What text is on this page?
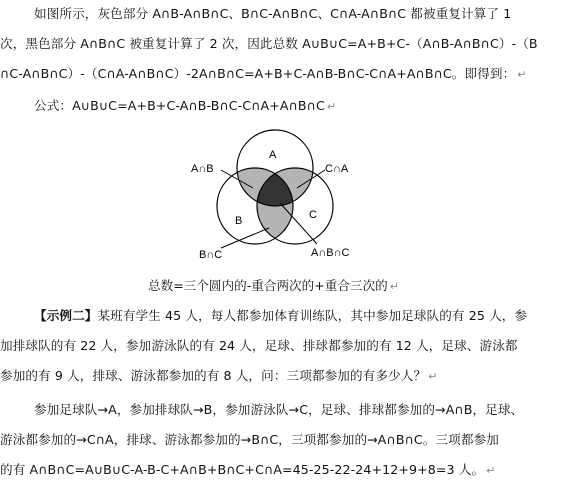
如图所示，灰色部分 A∩B-A∩B∩C、B∩C-A∩B∩C、C∩A-A∩B∩C 都被重复计算了 1
次，黑色部分 A∩B∩C 被重复计算了 2 次，因此总数 A∪B∪C=A+B+C-（A∩B-A∩B∩C）-（B
∩C-A∩B∩C）-（C∩A-A∩B∩C）-2A∩B∩C=A+B+C-A∩B-B∩C-C∩A+A∩B∩C。即得到： ↵
公式：A∪B∪C=A+B+C-A∩B-B∩C-C∩A+A∩B∩C ↵
A
B	C
A∩B	C∩A
B∩C	A∩B∩C
总数=三个圆内的-重合两次的+重合三次的 ↵
【示例二】某班有学生 45 人，每人都参加体育训练队，其中参加足球队的有 25 人，参
加排球队的有 22 人，参加游泳队的有 24 人，足球、排球都参加的有 12 人，足球、游泳都
参加的有 9 人，排球、游泳都参加的有 8 人，问：三项都参加的有多少人？ ↵
参加足球队→A，参加排球队→B，参加游泳队→C，足球、排球都参加的→A∩B，足球、
游泳都参加的→C∩A，排球、游泳都参加的→B∩C，三项都参加的→A∩B∩C。三项都参加
的有 A∩B∩C=A∪B∪C-A-B-C+A∩B+B∩C+C∩A=45-25-22-24+12+9+8=3 人。 ↵
